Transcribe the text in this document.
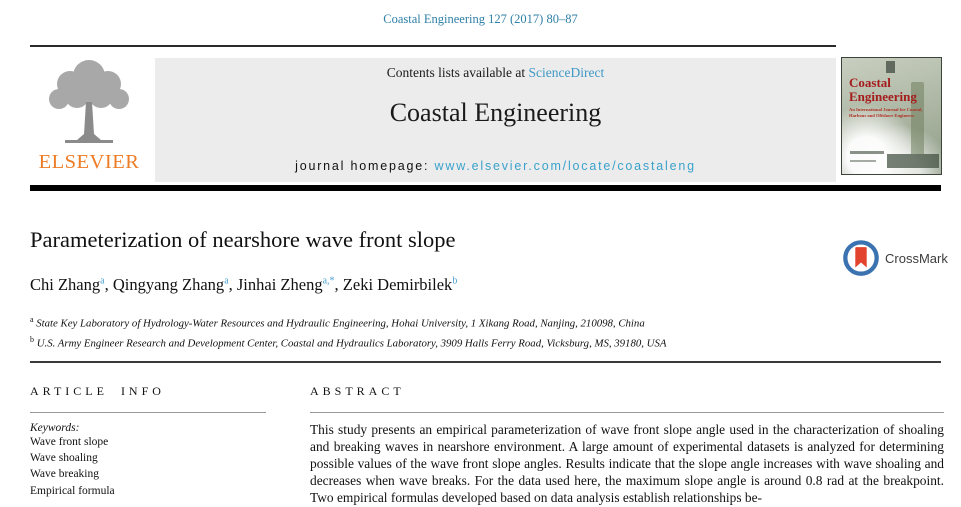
Coastal Engineering 127 (2017) 80–87
ELSEVIER
Contents lists available at ScienceDirect
Coastal Engineering
journal homepage: www.elsevier.com/locate/coastaleng
Coastal Engineering
An International Journal for Coastal, Harbour and Offshore Engineers
Parameterization of nearshore wave front slope
CrossMark
Chi Zhang$^a$, Qingyang Zhang$^a$, Jinhai Zheng$^{a,*}$, Zeki Demirbilek$^b$
$^a$ State Key Laboratory of Hydrology-Water Resources and Hydraulic Engineering, Hohai University, 1 Xikang Road, Nanjing, 210098, China
$^b$ U.S. Army Engineer Research and Development Center, Coastal and Hydraulics Laboratory, 3909 Halls Ferry Road, Vicksburg, MS, 39180, USA
ARTICLE INFO
Keywords:
Wave front slope
Wave shoaling
Wave breaking
Empirical formula
ABSTRACT
This study presents an empirical parameterization of wave front slope angle used in the characterization of shoaling and breaking waves in nearshore environment. A large amount of experimental datasets is analyzed for determining possible values of the wave front slope angles. Results indicate that the slope angle increases with wave shoaling and decreases when wave breaks. For the data used here, the maximum slope angle is around 0.8 rad at the breakpoint. Two empirical formulas developed based on data analysis establish relationships be-
